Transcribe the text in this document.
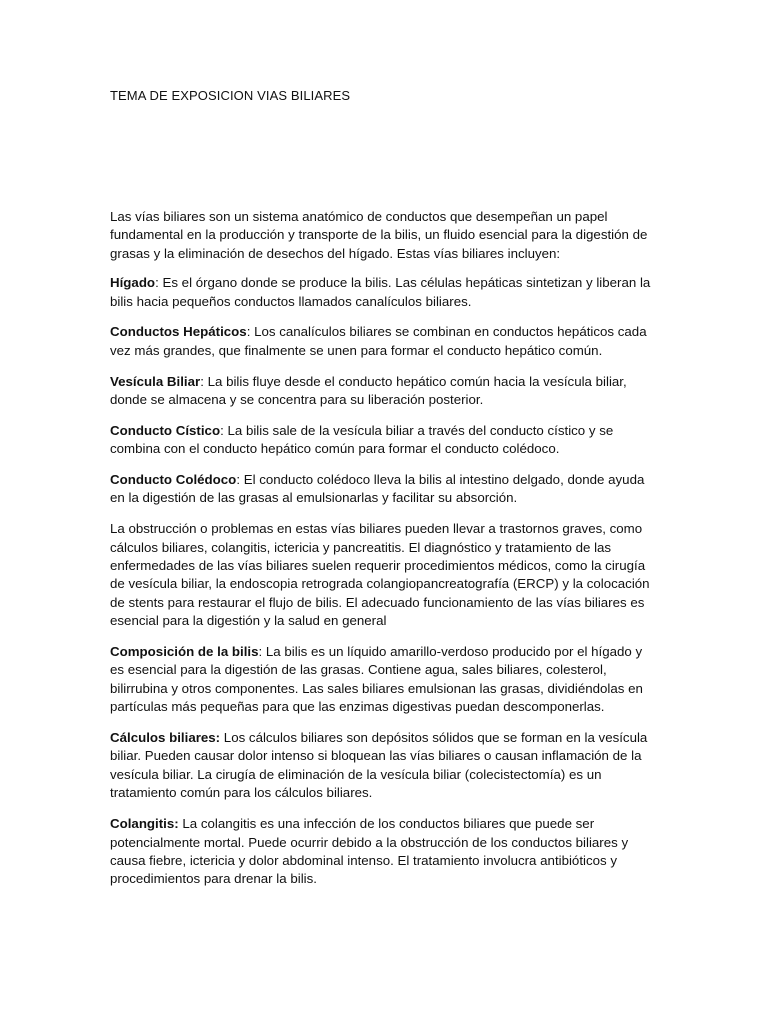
TEMA DE EXPOSICION VIAS BILIARES

Las vías biliares son un sistema anatómico de conductos que desempeñan un papel fundamental en la producción y transporte de la bilis, un fluido esencial para la digestión de grasas y la eliminación de desechos del hígado. Estas vías biliares incluyen:

Hígado: Es el órgano donde se produce la bilis. Las células hepáticas sintetizan y liberan la bilis hacia pequeños conductos llamados canalículos biliares.

Conductos Hepáticos: Los canalículos biliares se combinan en conductos hepáticos cada vez más grandes, que finalmente se unen para formar el conducto hepático común.

Vesícula Biliar: La bilis fluye desde el conducto hepático común hacia la vesícula biliar, donde se almacena y se concentra para su liberación posterior.

Conducto Cístico: La bilis sale de la vesícula biliar a través del conducto cístico y se combina con el conducto hepático común para formar el conducto colédoco.

Conducto Colédoco: El conducto colédoco lleva la bilis al intestino delgado, donde ayuda en la digestión de las grasas al emulsionarlas y facilitar su absorción.

La obstrucción o problemas en estas vías biliares pueden llevar a trastornos graves, como cálculos biliares, colangitis, ictericia y pancreatitis. El diagnóstico y tratamiento de las enfermedades de las vías biliares suelen requerir procedimientos médicos, como la cirugía de vesícula biliar, la endoscopia retrograda colangiopancreatografía (ERCP) y la colocación de stents para restaurar el flujo de bilis. El adecuado funcionamiento de las vías biliares es esencial para la digestión y la salud en general

Composición de la bilis: La bilis es un líquido amarillo-verdoso producido por el hígado y es esencial para la digestión de las grasas. Contiene agua, sales biliares, colesterol, bilirrubina y otros componentes. Las sales biliares emulsionan las grasas, dividiéndolas en partículas más pequeñas para que las enzimas digestivas puedan descomponerlas.

Cálculos biliares: Los cálculos biliares son depósitos sólidos que se forman en la vesícula biliar. Pueden causar dolor intenso si bloquean las vías biliares o causan inflamación de la vesícula biliar. La cirugía de eliminación de la vesícula biliar (colecistectomía) es un tratamiento común para los cálculos biliares.

Colangitis: La colangitis es una infección de los conductos biliares que puede ser potencialmente mortal. Puede ocurrir debido a la obstrucción de los conductos biliares y causa fiebre, ictericia y dolor abdominal intenso. El tratamiento involucra antibióticos y procedimientos para drenar la bilis.
